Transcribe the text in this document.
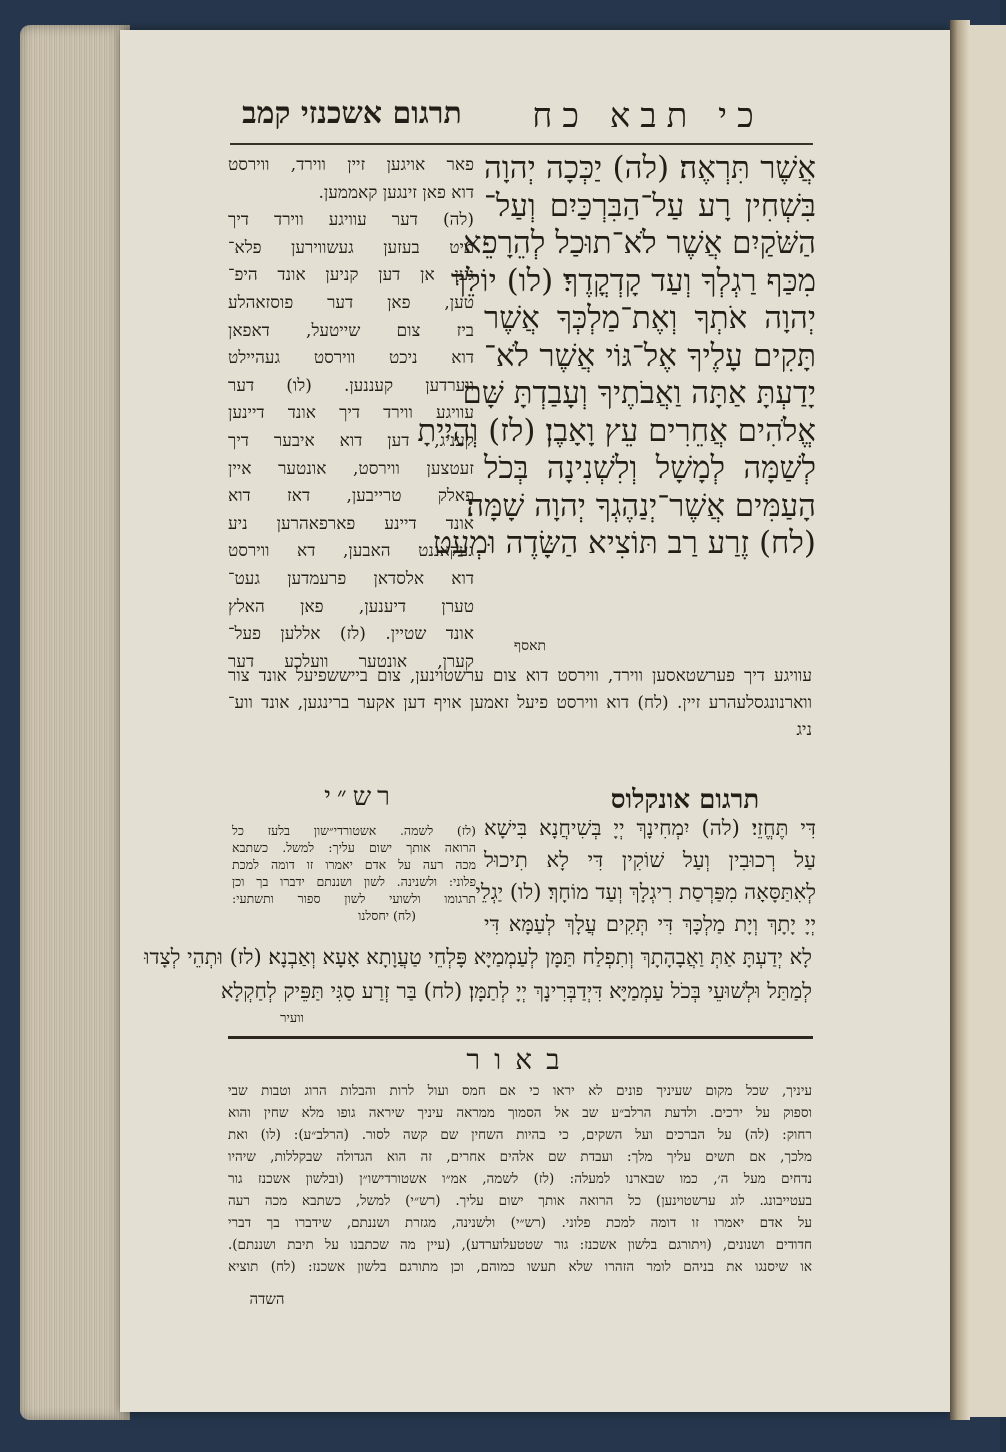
תרגום אשכנזי קמב	כי תבא כח
אֲשֶׁר תִּרְאֶה׃ (לה) יַכְּכָה יְהוָה
בִּשְׁחִין רָע עַל־הַבִּרְכַּיִם וְעַל־
הַשֹּׁקַיִם אֲשֶׁר לֹא־תוּכַל לְהֵרָפֵא
מִכַּף רַגְלְךָ וְעַד קָדְקֳדֶךָ׃ (לו) יוֹלֵךְ
יְהוָה אֹתְךָ וְאֶת־מַלְכְּךָ אֲשֶׁר
תָּקִים עָלֶיךָ אֶל־גּוֹי אֲשֶׁר לֹא־
יָדַעְתָּ אַתָּה וַאֲבֹתֶיךָ וְעָבַדְתָּ שָּׁם
אֱלֹהִים אֲחֵרִים עֵץ וָאָבֶן׃ (לז) וְהָיִיתָ
לְשַׁמָּה לְמָשָׁל וְלִשְׁנִינָה בְּכֹל
הָעַמִּים אֲשֶׁר־יְנַהֶגְךָ יְהוָה שָׁמָּה׃
(לח) זֶרַע רַב תּוֹצִיא הַשָּׂדֶה וּמְעַט
תאסף
פאר אויגען זיין ווירד, ווירסט
דוא פאן זינגען קאממען.
(לה) דער עוויגע ווירד דיך
מיט בעזען געשווירען פלא־
גען אן דען קניען אונד היפ־
טען, פאן דער פוסזאהלע
ביז צום שייטעל, דאפאן
דוא ניכט ווירסט געהיילט
ווערדען קעננען. (לו) דער
עוויגע ווירד דיך אונד דיינען
קעניג, דען דוא איבער דיך
זעטצען ווירסט, אונטער איין
פאלק טרייבען, דאז דוא
אונד דיינע פארפאהרען ניע
געקאננט האבען, דא ווירסט
דוא אלסדאן פרעמדען געט־
טערן דיענען, פאן האלץ
אונד שטיין. (לז) אללען פעל־
קערן, אונטער וועלכע דער
עוויגע דיך פערשטאסען ווירד, ווירסט דוא צום ערשטוינען, צום בייששפיעל אונד צור
ווארנונגסלעהרע זיין. (לח) דוא ווירסט פיעל זאמען אויף דען אקער ברינגען, אונד ווע־
ניג
תרגום אונקלוס
רש״י
דִּי תֶּחֱזֵי׃ (לה) יִמְחִינָךְ יְיָ בְּשִׁיחֲנָא בִּישָׁא
עַל רְכוּבִין וְעַל שׁוֹקִין דִּי לָא תִיכוּל
לְאִתַּסָּאָה מִפַּרְסַת רִיגְלָךְ וְעַד מוֹחָךְ׃ (לו) יַגְלֵי
יְיָ יָתָךְ וְיָת מַלְכָּךְ דִּי תְּקִים עֲלָךְ לְעַמָּא דִּי
(לז) לשמה. אשטורדי״שון בלעז כל
הרואה אותך ישום עליך: למשל. כשתבא
מכה רעה על אדם יאמרו זו דומה למכת
פלוני: ולשנינה. לשון ושננתם ידברו בך וכן
תרגומו ולשועי לשון ספור ותשתעי:
(לח) יחסלנו
לָא יְדַעְתָּ אַתְּ וַאֲבָהָתָךְ וְתִפְלַח תַּמָּן לְעַמְמַיָּא פָּלְחֵי טַעֲוָתָא אָעָא וְאַבְנָא׃ (לז) וּתְהֵי לְצָדוּ
לְמַתַּל וּלְשׁוּעֵי בְּכֹל עַמְמַיָּא דִּיְדַבְּרִינָךְ יְיָ לְתַמָּן׃ (לח) בַּר זְרַע סַגִּי תַּפֵּיק לְחַקְלָא
וועיר
באור
עיניך, שכל מקום שעיניך פונים לא יראו כי אם חמס ועול לרות והבלות הרוג וטבות שבי
וספוק על ירכים. ולדעת הרלב״ע שב אל הסמוך ממראה עיניך שיראה גופו מלא שחין והוא
רחוק: (לה) על הברכים ועל השקים, כי בהיות השחין שם קשה לסור. (הרלב״ע): (לו) ואת
מלכך, אם תשים עליך מלך: ועבדת שם אלהים אחרים, זה הוא הגדולה שבקללות, שיהיו
נדחים מעל ה׳, כמו שבארנו למעלה: (לז) לשמה, אמ״ו אשטורדישו״ן (ובלשון אשכנז גור
בעטייבונג. לוג ערשטוינען) כל הרואה אותך ישום עליך. (רש״י) למשל, כשתבא מכה רעה
על אדם יאמרו זו דומה למכת פלוני. (רש״י) ולשנינה, מגזרת ושננתם, שידברו בך דברי
חדודים ושנונים, (ויתורגם בלשון אשכנז: גור שטטעלוערדע), (עיין מה שכתבנו על תיבת ושננתם).
או שיסנגו את בניהם לומר הזהרו שלא תעשו כמוהם, וכן מתורגם בלשון אשכנז: (לח) תוציא
השדה
